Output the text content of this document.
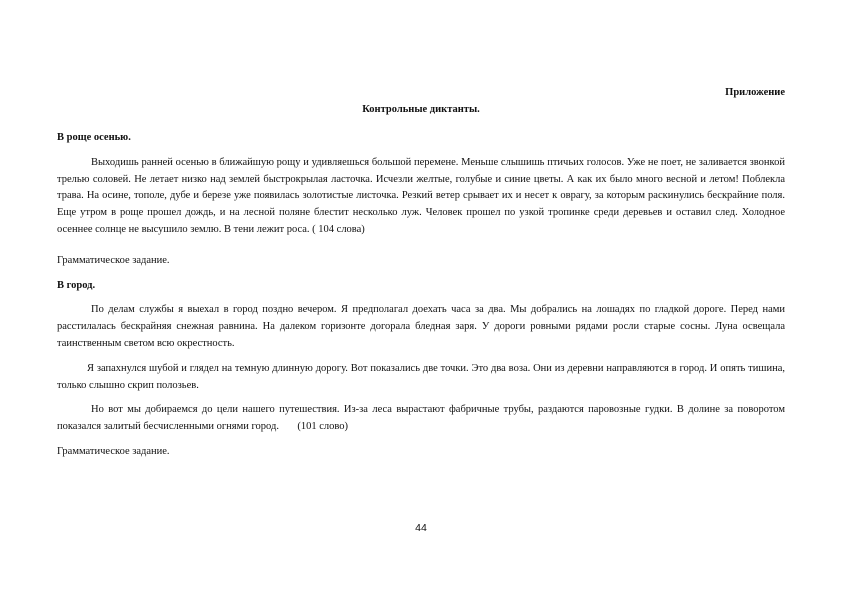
Приложение

Контрольные диктанты.

В роще осенью.

Выходишь ранней осенью в ближайшую рощу и удивляешься большой перемене. Меньше слышишь птичьих голосов. Уже не поет, не заливается звонкой трелью соловей. Не летает низко над землей быстрокрылая ласточка. Исчезли желтые, голубые и синие цветы. А как их было много весной и летом! Поблекла трава. На осине, тополе, дубе и березе уже появилась золотистые листочка. Резкий ветер срывает их и несет к оврагу, за которым раскинулись бескрайние поля. Еще утром в роще прошел дождь, и на лесной поляне блестит несколько луж. Человек прошел по узкой тропинке среди деревьев и оставил след. Холодное осеннее солнце не высушило землю. В тени лежит роса. ( 104 слова)

Грамматическое задание.

В город.

По делам службы я выехал в город поздно вечером. Я предполагал доехать часа за два. Мы добрались на лошадях по гладкой дороге. Перед нами расстилалась бескрайняя снежная равнина. На далеком горизонте догорала бледная заря. У дороги ровными рядами росли старые сосны. Луна освещала таинственным светом всю окрестность.

Я запахнулся шубой и глядел на темную длинную дорогу. Вот показались две точки. Это два воза. Они из деревни направляются в город. И опять тишина, только слышно скрип полозьев.

Но вот мы добираемся до цели нашего путешествия. Из-за леса вырастают фабричные трубы, раздаются паровозные гудки. В долине за поворотом показался залитый бесчисленными огнями город.       (101 слово)

Грамматическое задание.

44
